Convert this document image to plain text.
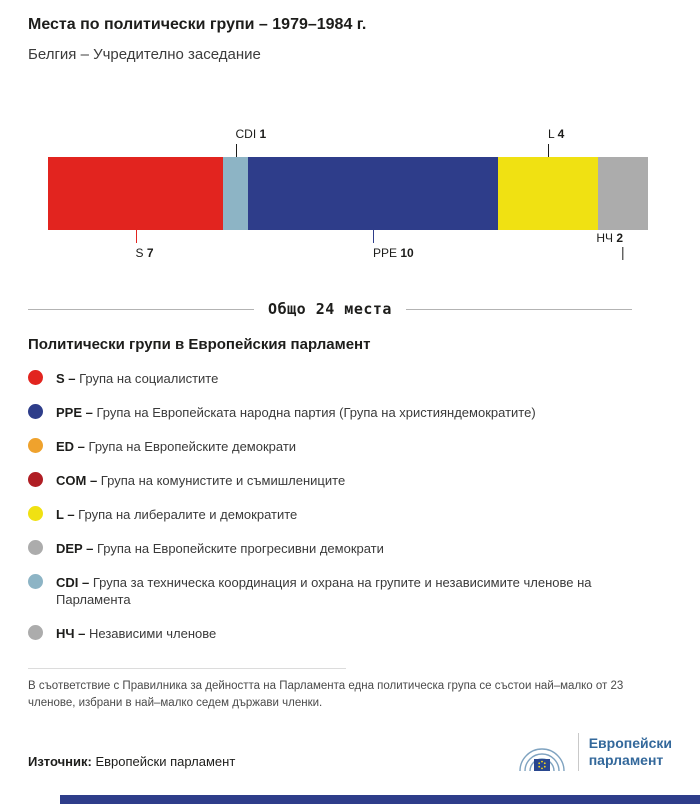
Места по политически групи – 1979–1984 г.
Белгия – Учредително заседание
CDI 1	L 4
S 7	PPE 10
НЧ 2
Общо 24 места
Политически групи в Европейския парламент
S – Група на социалистите
PPE – Група на Европейската народна партия (Група на християндемократите)
ED – Група на Европейските демократи
COM – Група на комунистите и съмишлениците
L – Група на либералите и демократите
DEP – Група на Европейските прогресивни демократи
CDI – Група за техническа координация и охрана на групите и независимите членове на Парламента
НЧ – Независими членове
В съответствие с Правилника за дейността на Парламента една политическа група се състои най–малко от 23 членове, избрани в най–малко седем държави членки.
Източник: Европейски парламент
Европейски
парламент
